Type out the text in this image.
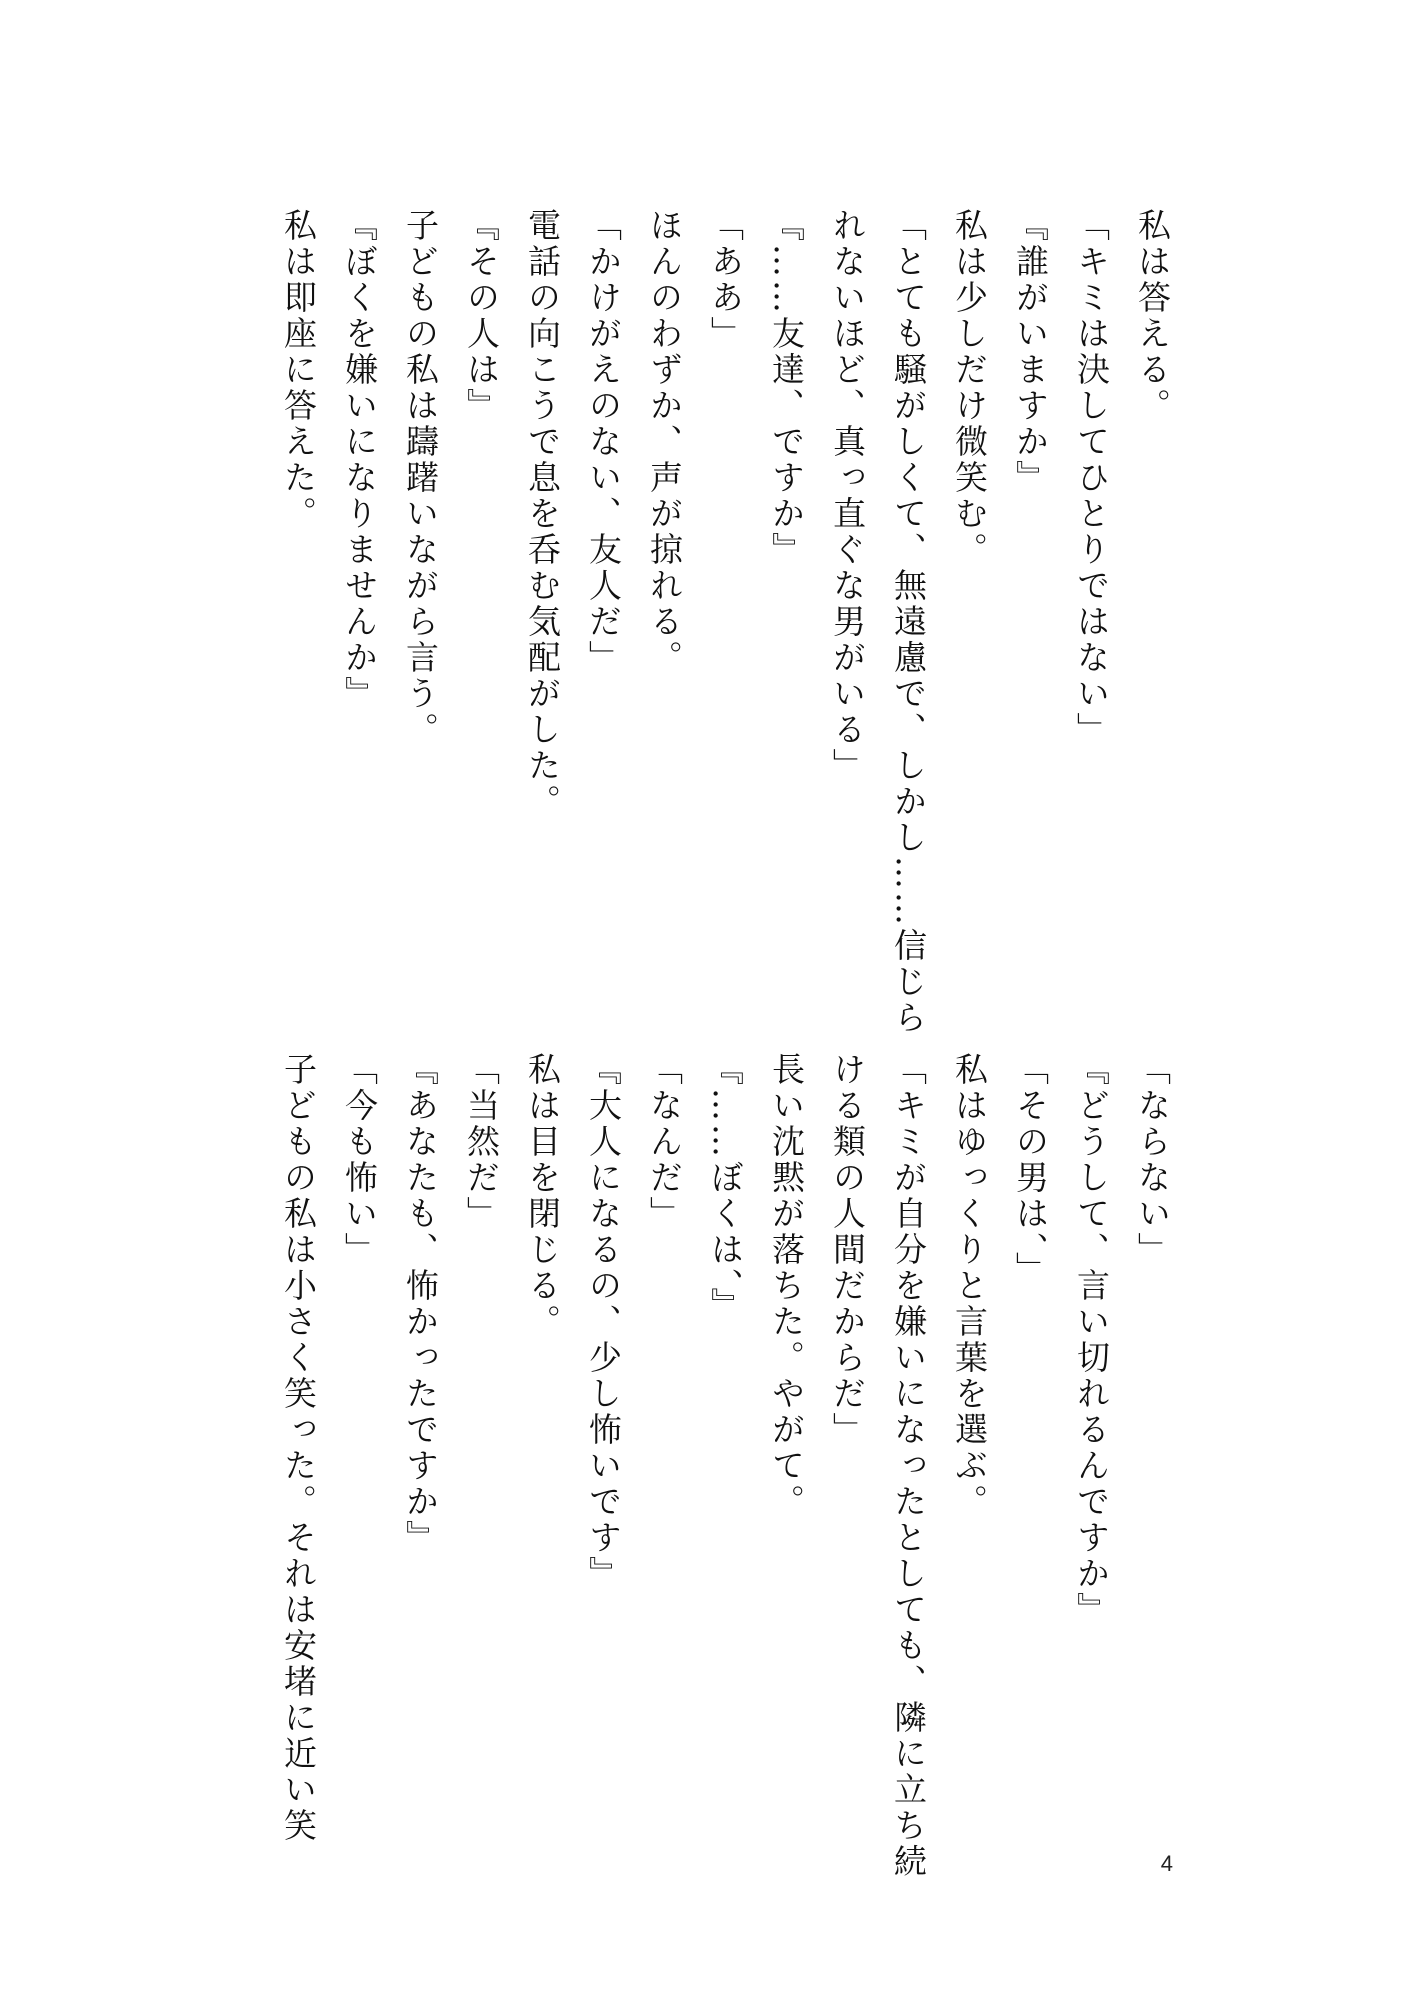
私は答える。
「キミは決してひとりではない」
『誰がいますか』
私は少しだけ微笑む。
「とても騒がしくて、無遠慮で、しかし……信じら
れないほど、真っ直ぐな男がいる」
『……友達、ですか』
「ああ」
ほんのわずか、声が掠れる。
「かけがえのない、友人だ」
電話の向こうで息を呑む気配がした。
『その人は』
子どもの私は躊躇いながら言う。
『ぼくを嫌いになりませんか』
私は即座に答えた。
「ならない」
『どうして、言い切れるんですか』
「その男は、」
私はゆっくりと言葉を選ぶ。
「キミが自分を嫌いになったとしても、隣に立ち続
ける類の人間だからだ」
長い沈黙が落ちた。やがて。
『……ぼくは、』
「なんだ」
『大人になるの、少し怖いです』
私は目を閉じる。
「当然だ」
『あなたも、怖かったですか』
「今も怖い」
子どもの私は小さく笑った。それは安堵に近い笑
4
